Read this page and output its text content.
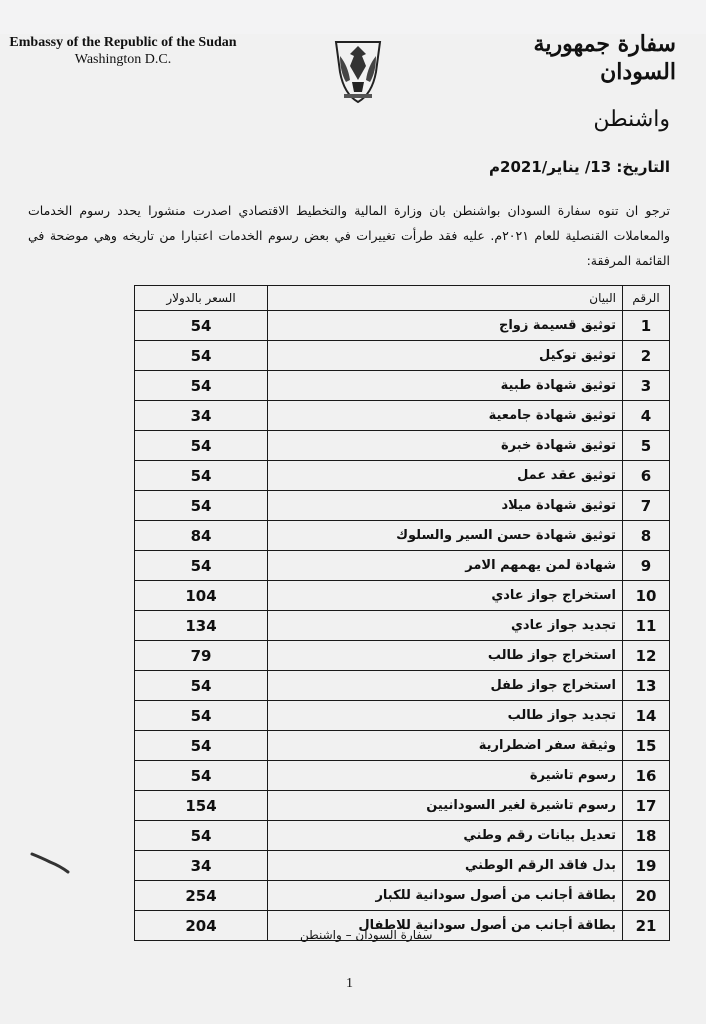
Embassy of the Republic of the Sudan
Washington D.C.
سفارة جمهورية
السودان
واشنطن
التاريخ: 13/ يناير/2021م
ترجو ان تنوه سفارة السودان بواشنطن بان وزارة المالية والتخطيط الاقتصادي اصدرت منشورا يحدد رسوم الخدمات والمعاملات القنصلية للعام ٢٠٢١م. عليه فقد طرأت تغييرات في بعض رسوم الخدمات اعتبارا من تاريخه وهي موضحة في القائمة المرفقة:
الرقم	البيان	السعر بالدولار
1	توثيق قسيمة زواج	54
2	توثيق توكيل	54
3	توثيق شهادة طبية	54
4	توثيق شهادة جامعية	34
5	توثيق شهادة خبرة	54
6	توثيق عقد عمل	54
7	توثيق شهادة ميلاد	54
8	توثيق شهادة حسن السير والسلوك	84
9	شهادة لمن يهمهم الامر	54
10	استخراج جواز عادي	104
11	تجديد جواز عادي	134
12	استخراج جواز طالب	79
13	استخراج جواز طفل	54
14	تجديد جواز طالب	54
15	وثيقة سفر اضطرارية	54
16	رسوم تاشيرة	54
17	رسوم تاشيرة لغير السودانيين	154
18	تعديل بيانات رقم وطني	54
19	بدل فاقد الرقم الوطني	34
20	بطاقة أجانب من أصول سودانية للكبار	254
21	بطاقة أجانب من أصول سودانية للاطفال	204
سفارة السودان – واشنطن
1
